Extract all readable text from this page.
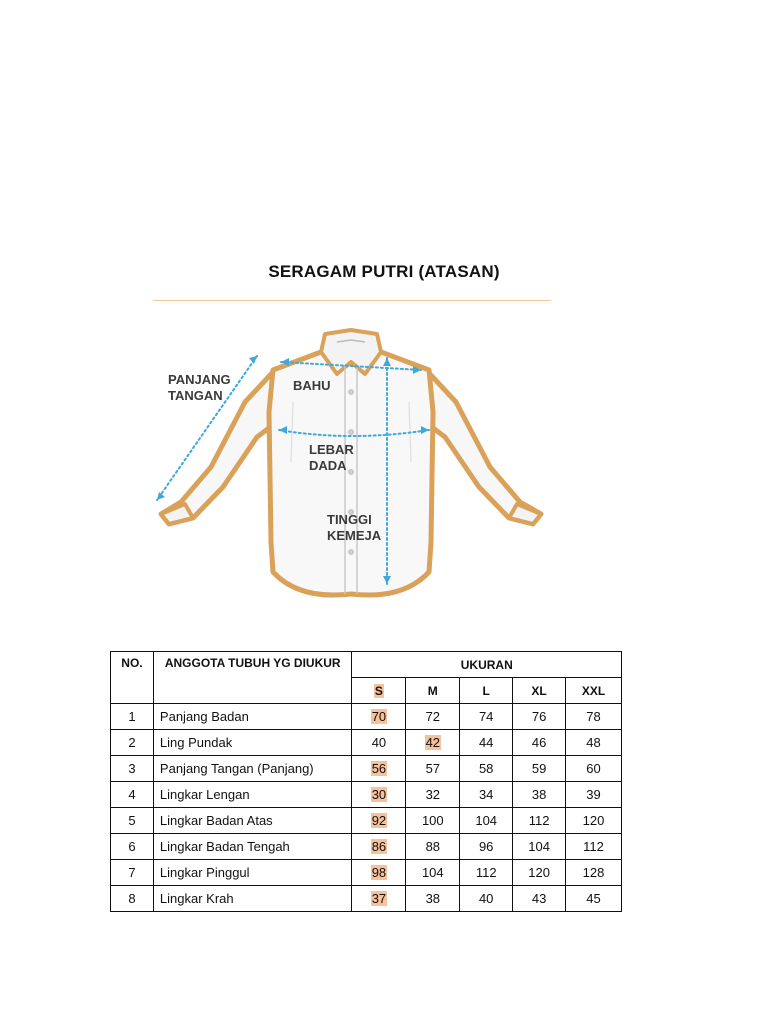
SERAGAM PUTRI (ATASAN)
PANJANG
TANGAN
BAHU
LEBAR
DADA
TINGGI
KEMEJA
NO.	ANGGOTA TUBUH YG DIUKUR	UKURAN				
		S	M	L	XL	XXL
1	Panjang Badan	70	72	74	76	78
2	Ling Pundak	40	42	44	46	48
3	Panjang Tangan (Panjang)	56	57	58	59	60
4	Lingkar Lengan	30	32	34	38	39
5	Lingkar Badan Atas	92	100	104	112	120
6	Lingkar Badan Tengah	86	88	96	104	112
7	Lingkar Pinggul	98	104	112	120	128
8	Lingkar Krah	37	38	40	43	45
